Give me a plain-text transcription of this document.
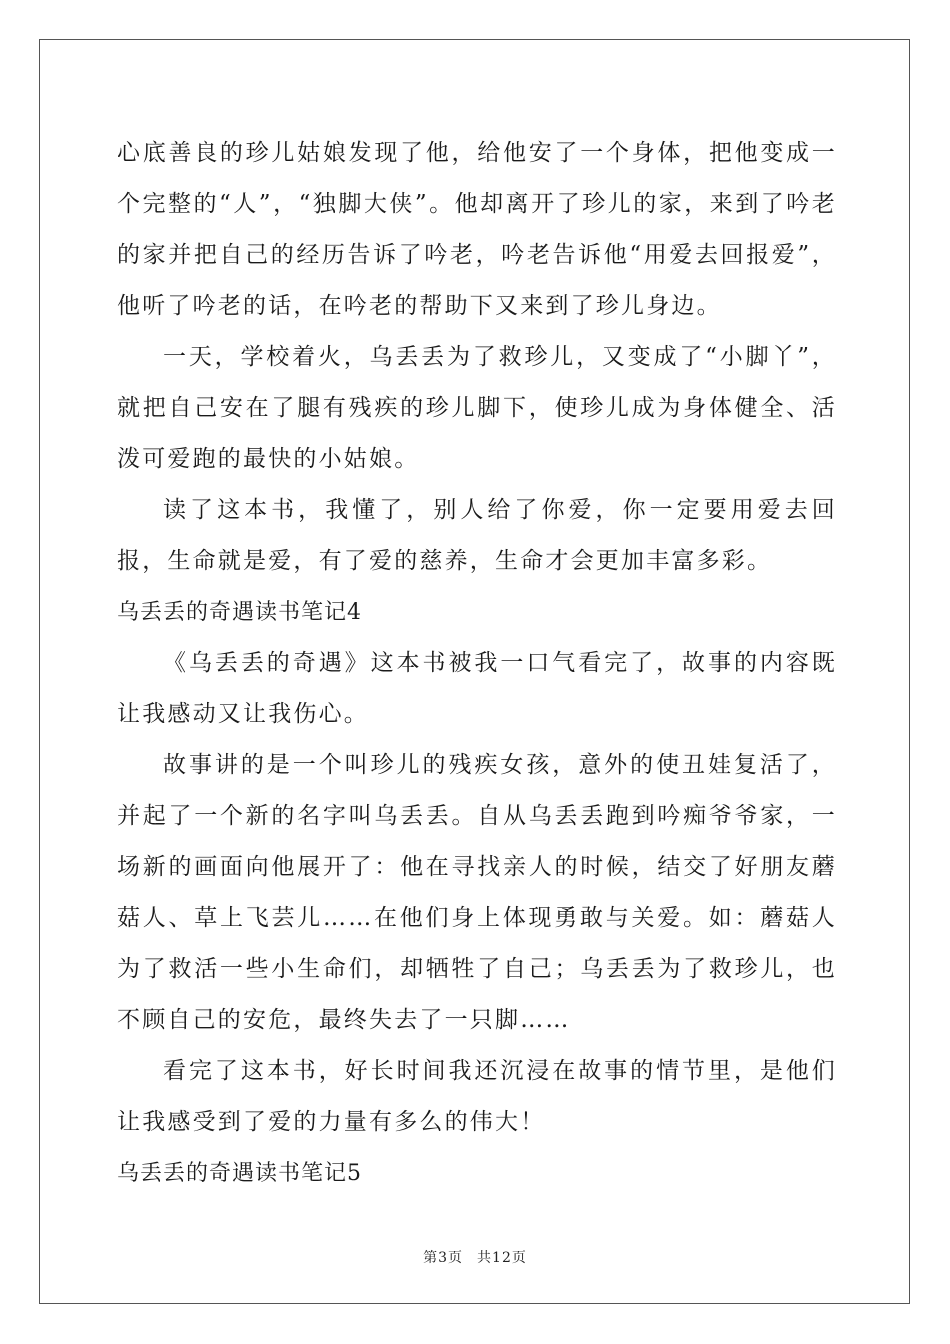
心底善良的珍儿姑娘发现了他，给他安了一个身体，把他变成一个完整的“人”，“独脚大侠”。他却离开了珍儿的家，来到了吟老的家并把自己的经历告诉了吟老，吟老告诉他“用爱去回报爱”，他听了吟老的话，在吟老的帮助下又来到了珍儿身边。

一天，学校着火，乌丢丢为了救珍儿，又变成了“小脚丫”，就把自己安在了腿有残疾的珍儿脚下，使珍儿成为身体健全、活泼可爱跑的最快的小姑娘。

读了这本书，我懂了，别人给了你爱，你一定要用爱去回报，生命就是爱，有了爱的慈养，生命才会更加丰富多彩。

乌丢丢的奇遇读书笔记4

《乌丢丢的奇遇》这本书被我一口气看完了，故事的内容既让我感动又让我伤心。

故事讲的是一个叫珍儿的残疾女孩，意外的使丑娃复活了，并起了一个新的名字叫乌丢丢。自从乌丢丢跑到吟痴爷爷家，一场新的画面向他展开了：他在寻找亲人的时候，结交了好朋友蘑菇人、草上飞芸儿……在他们身上体现勇敢与关爱。如：蘑菇人为了救活一些小生命们，却牺牲了自己；乌丢丢为了救珍儿，也不顾自己的安危，最终失去了一只脚……

看完了这本书，好长时间我还沉浸在故事的情节里，是他们让我感受到了爱的力量有多么的伟大！

乌丢丢的奇遇读书笔记5

第3页 共12页
